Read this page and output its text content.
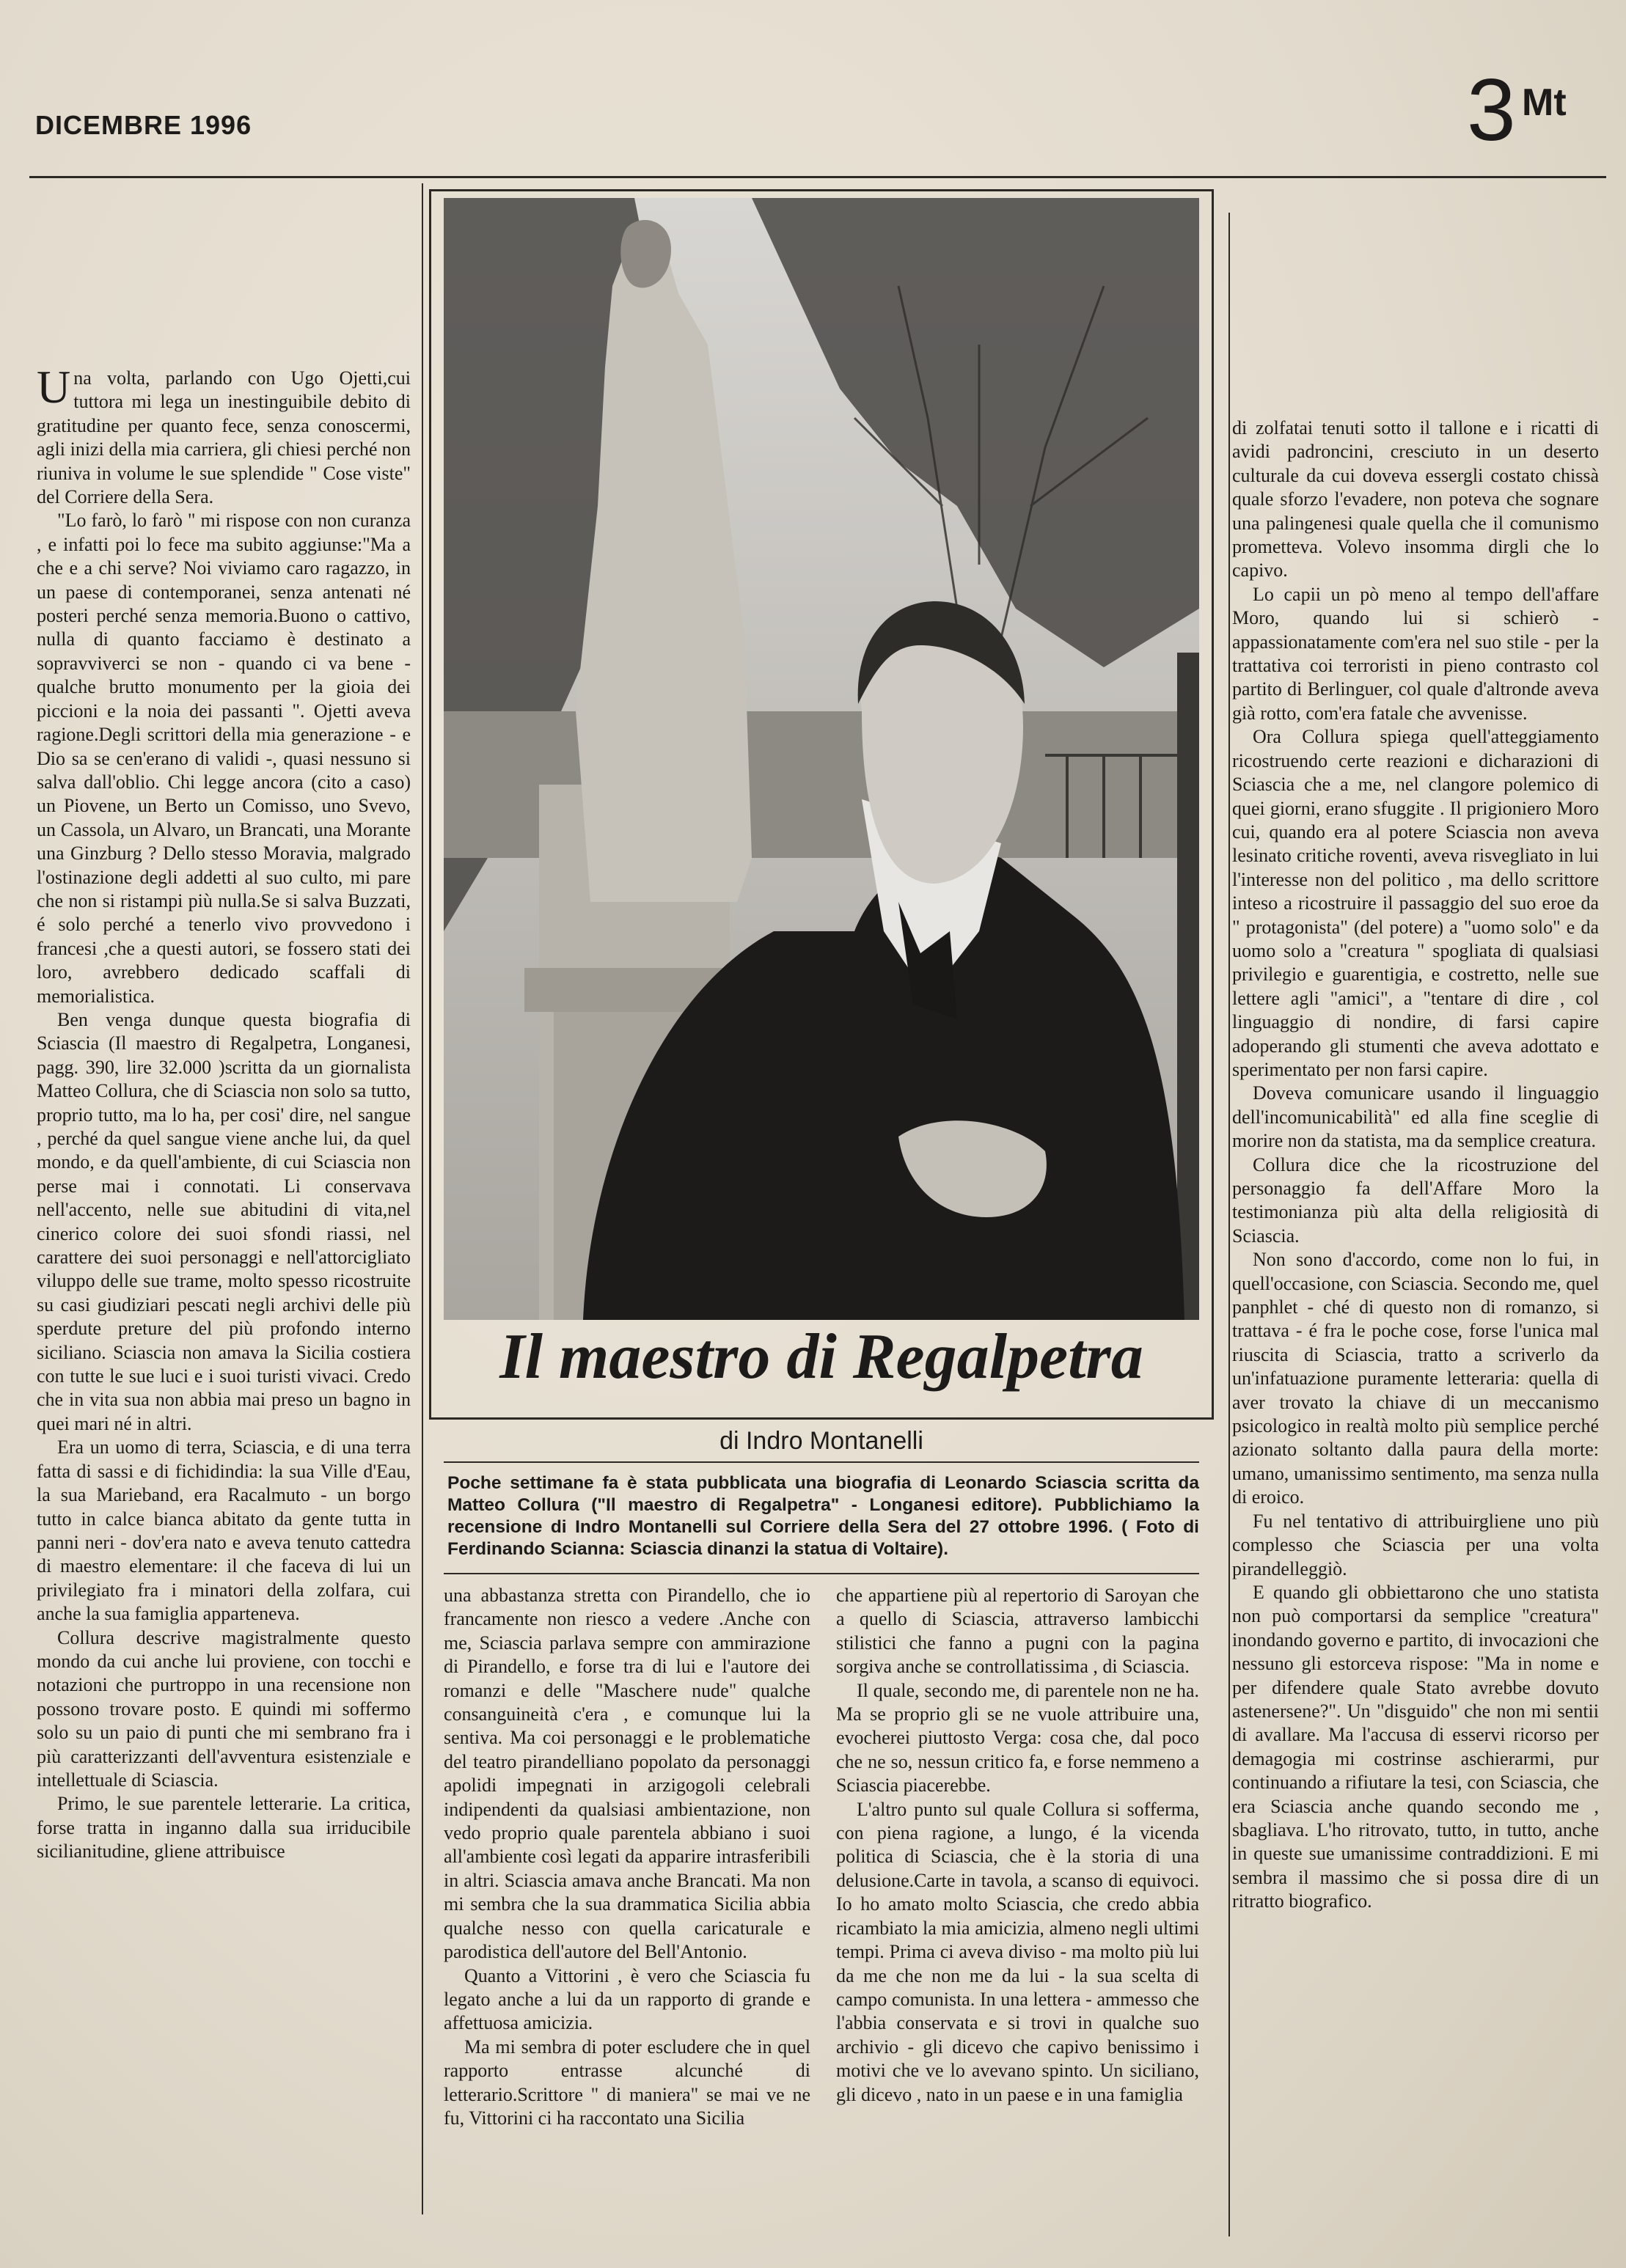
DICEMBRE 1996	3 Mt

Una volta, parlando con Ugo Ojetti,cui tuttora mi lega un inestinguibile debito di gratitudine per quanto fece, senza conoscermi, agli inizi della mia carriera, gli chiesi perché non riuniva in volume le sue splendide " Cose viste" del Corriere della Sera.

"Lo farò, lo farò " mi rispose con non curanza , e infatti poi lo fece ma subito aggiunse:"Ma a che e a chi serve? Noi viviamo caro ragazzo, in un paese di contemporanei, senza antenati né posteri perché senza memoria.Buono o cattivo, nulla di quanto facciamo è destinato a sopravviverci se non - quando ci va bene - qualche brutto monumento per la gioia dei piccioni e la noia dei passanti ". Ojetti aveva ragione.Degli scrittori della mia generazione - e Dio sa se cen'erano di validi -, quasi nessuno si salva dall'oblio. Chi legge ancora (cito a caso) un Piovene, un Berto un Comisso, uno Svevo, un Cassola, un Alvaro, un Brancati, una Morante una Ginzburg ? Dello stesso Moravia, malgrado l'ostinazione degli addetti al suo culto, mi pare che non si ristampi più nulla.Se si salva Buzzati, é solo perché a tenerlo vivo provvedono i francesi ,che a questi autori, se fossero stati dei loro, avrebbero dedicado scaffali di memorialistica.

Ben venga dunque questa biografia di Sciascia (Il maestro di Regalpetra, Longanesi, pagg. 390, lire 32.000 )scritta da un giornalista Matteo Collura, che di Sciascia non solo sa tutto, proprio tutto, ma lo ha, per cosi' dire, nel sangue , perché da quel sangue viene anche lui, da quel mondo, e da quell'ambiente, di cui Sciascia non perse mai i connotati. Li conservava nell'accento, nelle sue abitudini di vita,nel cinerico colore dei suoi sfondi riassi, nel carattere dei suoi personaggi e nell'attorcigliato viluppo delle sue trame, molto spesso ricostruite su casi giudiziari pescati negli archivi delle più sperdute preture del più profondo interno siciliano. Sciascia non amava la Sicilia costiera con tutte le sue luci e i suoi turisti vivaci. Credo che in vita sua non abbia mai preso un bagno in quei mari né in altri.

Era un uomo di terra, Sciascia, e di una terra fatta di sassi e di fichidindia: la sua Ville d'Eau, la sua Marieband, era Racalmuto - un borgo tutto in calce bianca abitato da gente tutta in panni neri - dov'era nato e aveva tenuto cattedra di maestro elementare: il che faceva di lui un privilegiato fra i minatori della zolfara, cui anche la sua famiglia apparteneva.

Collura descrive magistralmente questo mondo da cui anche lui proviene, con tocchi e notazioni che purtroppo in una recensione non possono trovare posto. E quindi mi soffermo solo su un paio di punti che mi sembrano fra i più caratterizzanti dell'avventura esistenziale e intellettuale di Sciascia.

Primo, le sue parentele letterarie. La critica, forse tratta in inganno dalla sua irriducibile sicilianitudine, gliene attribuisce

Il maestro di Regalpetra
di Indro Montanelli
Poche settimane fa è stata pubblicata una biografia di Leonardo Sciascia scritta da Matteo Collura ("Il maestro di Regalpetra" - Longanesi editore). Pubblichiamo la recensione di Indro Montanelli sul Corriere della Sera del 27 ottobre 1996. ( Foto di Ferdinando Scianna: Sciascia dinanzi la statua di Voltaire).

una abbastanza stretta con Pirandello, che io francamente non riesco a vedere .Anche con me, Sciascia parlava sempre con ammirazione di Pirandello, e forse tra di lui e l'autore dei romanzi e delle "Maschere nude" qualche consanguineità c'era , e comunque lui la sentiva. Ma coi personaggi e le problematiche del teatro pirandelliano popolato da personaggi apolidi impegnati in arzigogoli celebrali indipendenti da qualsiasi ambientazione, non vedo proprio quale parentela abbiano i suoi all'ambiente così legati da apparire intrasferibili in altri. Sciascia amava anche Brancati. Ma non mi sembra che la sua drammatica Sicilia abbia qualche nesso con quella caricaturale e parodistica dell'autore del Bell'Antonio.

Quanto a Vittorini , è vero che Sciascia fu legato anche a lui da un rapporto di grande e affettuosa amicizia.

Ma mi sembra di poter escludere che in quel rapporto entrasse alcunché di letterario.Scrittore " di maniera" se mai ve ne fu, Vittorini ci ha raccontato una Sicilia

che appartiene più al repertorio di Saroyan che a quello di Sciascia, attraverso lambicchi stilistici che fanno a pugni con la pagina sorgiva anche se controllatissima , di Sciascia.

Il quale, secondo me, di parentele non ne ha. Ma se proprio gli se ne vuole attribuire una, evocherei piuttosto Verga: cosa che, dal poco che ne so, nessun critico fa, e forse nemmeno a Sciascia piacerebbe.

L'altro punto sul quale Collura si sofferma, con piena ragione, a lungo, é la vicenda politica di Sciascia, che è la storia di una delusione.Carte in tavola, a scanso di equivoci. Io ho amato molto Sciascia, che credo abbia ricambiato la mia amicizia, almeno negli ultimi tempi. Prima ci aveva diviso - ma molto più lui da me che non me da lui - la sua scelta di campo comunista. In una lettera - ammesso che l'abbia conservata e si trovi in qualche suo archivio - gli dicevo che capivo benissimo i motivi che ve lo avevano spinto. Un siciliano, gli dicevo , nato in un paese e in una famiglia

di zolfatai tenuti sotto il tallone e i ricatti di avidi padroncini, cresciuto in un deserto culturale da cui doveva essergli costato chissà quale sforzo l'evadere, non poteva che sognare una palingenesi quale quella che il comunismo prometteva. Volevo insomma dirgli che lo capivo.

Lo capii un pò meno al tempo dell'affare Moro, quando lui si schierò - appassionatamente com'era nel suo stile - per la trattativa coi terroristi in pieno contrasto col partito di Berlinguer, col quale d'altronde aveva già rotto, com'era fatale che avvenisse.

Ora Collura spiega quell'atteggiamento ricostruendo certe reazioni e dicharazioni di Sciascia che a me, nel clangore polemico di quei giorni, erano sfuggite . Il prigioniero Moro cui, quando era al potere Sciascia non aveva lesinato critiche roventi, aveva risvegliato in lui l'interesse non del politico , ma dello scrittore inteso a ricostruire il passaggio del suo eroe da " protagonista" (del potere) a "uomo solo" e da uomo solo a "creatura " spogliata di qualsiasi privilegio e guarentigia, e costretto, nelle sue lettere agli "amici", a "tentare di dire , col linguaggio di nondire, di farsi capire adoperando gli stumenti che aveva adottato e sperimentato per non farsi capire.

Doveva comunicare usando il linguaggio dell'incomunicabilità" ed alla fine sceglie di morire non da statista, ma da semplice creatura.

Collura dice che la ricostruzione del personaggio fa dell'Affare Moro la testimonianza più alta della religiosità di Sciascia.

Non sono d'accordo, come non lo fui, in quell'occasione, con Sciascia. Secondo me, quel panphlet - ché di questo non di romanzo, si trattava - é fra le poche cose, forse l'unica mal riuscita di Sciascia, tratto a scriverlo da un'infatuazione puramente letteraria: quella di aver trovato la chiave di un meccanismo psicologico in realtà molto più semplice perché azionato soltanto dalla paura della morte: umano, umanissimo sentimento, ma senza nulla di eroico.

Fu nel tentativo di attribuirgliene uno più complesso che Sciascia per una volta pirandelleggiò.

E quando gli obbiettarono che uno statista non può comportarsi da semplice "creatura" inondando governo e partito, di invocazioni che nessuno gli estorceva rispose: "Ma in nome e per difendere quale Stato avrebbe dovuto astenersene?". Un "disguido" che non mi sentii di avallare. Ma l'accusa di esservi ricorso per demagogia mi costrinse aschierarmi, pur continuando a rifiutare la tesi, con Sciascia, che era Sciascia anche quando secondo me , sbagliava. L'ho ritrovato, tutto, in tutto, anche in queste sue umanissime contraddizioni. E mi sembra il massimo che si possa dire di un ritratto biografico.
